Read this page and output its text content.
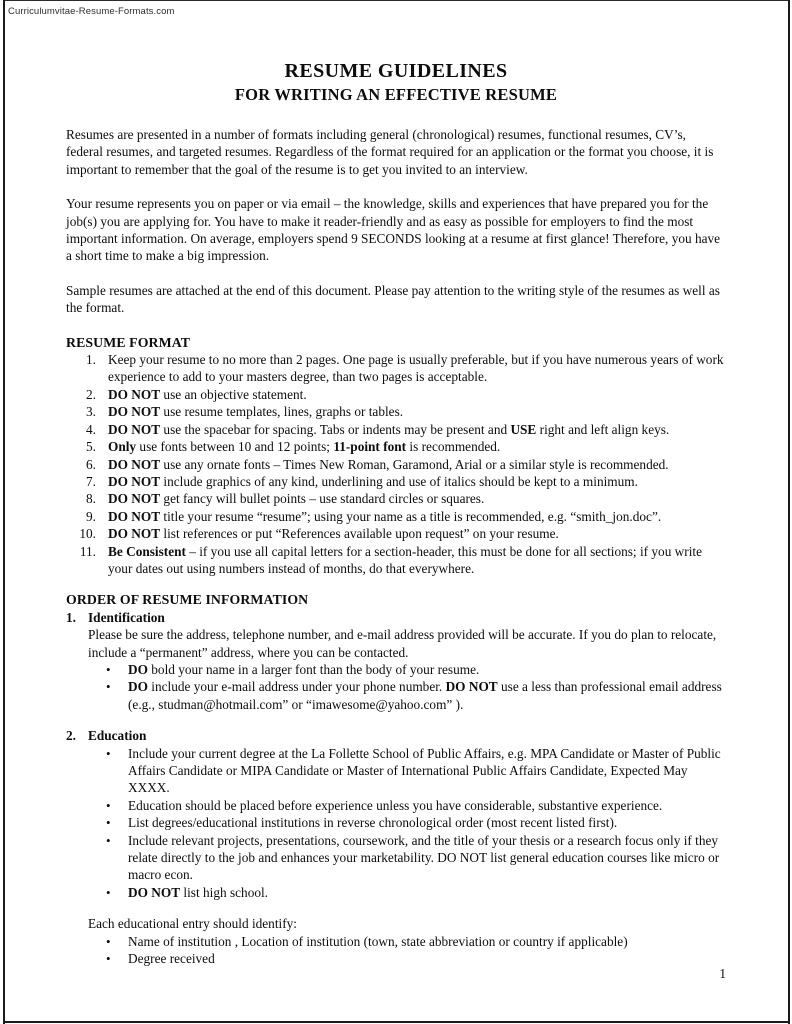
Curriculumvitae-Resume-Formats.com
RESUME GUIDELINES
FOR WRITING AN EFFECTIVE RESUME

Resumes are presented in a number of formats including general (chronological) resumes, functional resumes, CV’s, federal resumes, and targeted resumes. Regardless of the format required for an application or the format you choose, it is important to remember that the goal of the resume is to get you invited to an interview.

Your resume represents you on paper or via email – the knowledge, skills and experiences that have prepared you for the job(s) you are applying for. You have to make it reader-friendly and as easy as possible for employers to find the most important information. On average, employers spend 9 SECONDS looking at a resume at first glance! Therefore, you have a short time to make a big impression.

Sample resumes are attached at the end of this document. Please pay attention to the writing style of the resumes as well as the format.

RESUME FORMAT
1. Keep your resume to no more than 2 pages. One page is usually preferable, but if you have numerous years of work experience to add to your masters degree, than two pages is acceptable.
2. DO NOT use an objective statement.
3. DO NOT use resume templates, lines, graphs or tables.
4. DO NOT use the spacebar for spacing. Tabs or indents may be present and USE right and left align keys.
5. Only use fonts between 10 and 12 points; 11-point font is recommended.
6. DO NOT use any ornate fonts – Times New Roman, Garamond, Arial or a similar style is recommended.
7. DO NOT include graphics of any kind, underlining and use of italics should be kept to a minimum.
8. DO NOT get fancy will bullet points – use standard circles or squares.
9. DO NOT title your resume “resume”; using your name as a title is recommended, e.g. “smith_jon.doc”.
10. DO NOT list references or put “References available upon request” on your resume.
11. Be Consistent – if you use all capital letters for a section-header, this must be done for all sections; if you write your dates out using numbers instead of months, do that everywhere.
ORDER OF RESUME INFORMATION
1. Identification

Please be sure the address, telephone number, and e-mail address provided will be accurate. If you do plan to relocate, include a “permanent” address, where you can be contacted.

• DO bold your name in a larger font than the body of your resume.
• DO include your e-mail address under your phone number. DO NOT use a less than professional email address (e.g., studman@hotmail.com” or “imawesome@yahoo.com” ).
2. Education
• Include your current degree at the La Follette School of Public Affairs, e.g. MPA Candidate or Master of Public Affairs Candidate or MIPA Candidate or Master of International Public Affairs Candidate, Expected May XXXX.
• Education should be placed before experience unless you have considerable, substantive experience.
• List degrees/educational institutions in reverse chronological order (most recent listed first).
• Include relevant projects, presentations, coursework, and the title of your thesis or a research focus only if they relate directly to the job and enhances your marketability. DO NOT list general education courses like micro or macro econ.
• DO NOT list high school.

Each educational entry should identify:

• Name of institution , Location of institution (town, state abbreviation or country if applicable)
• Degree received
1
